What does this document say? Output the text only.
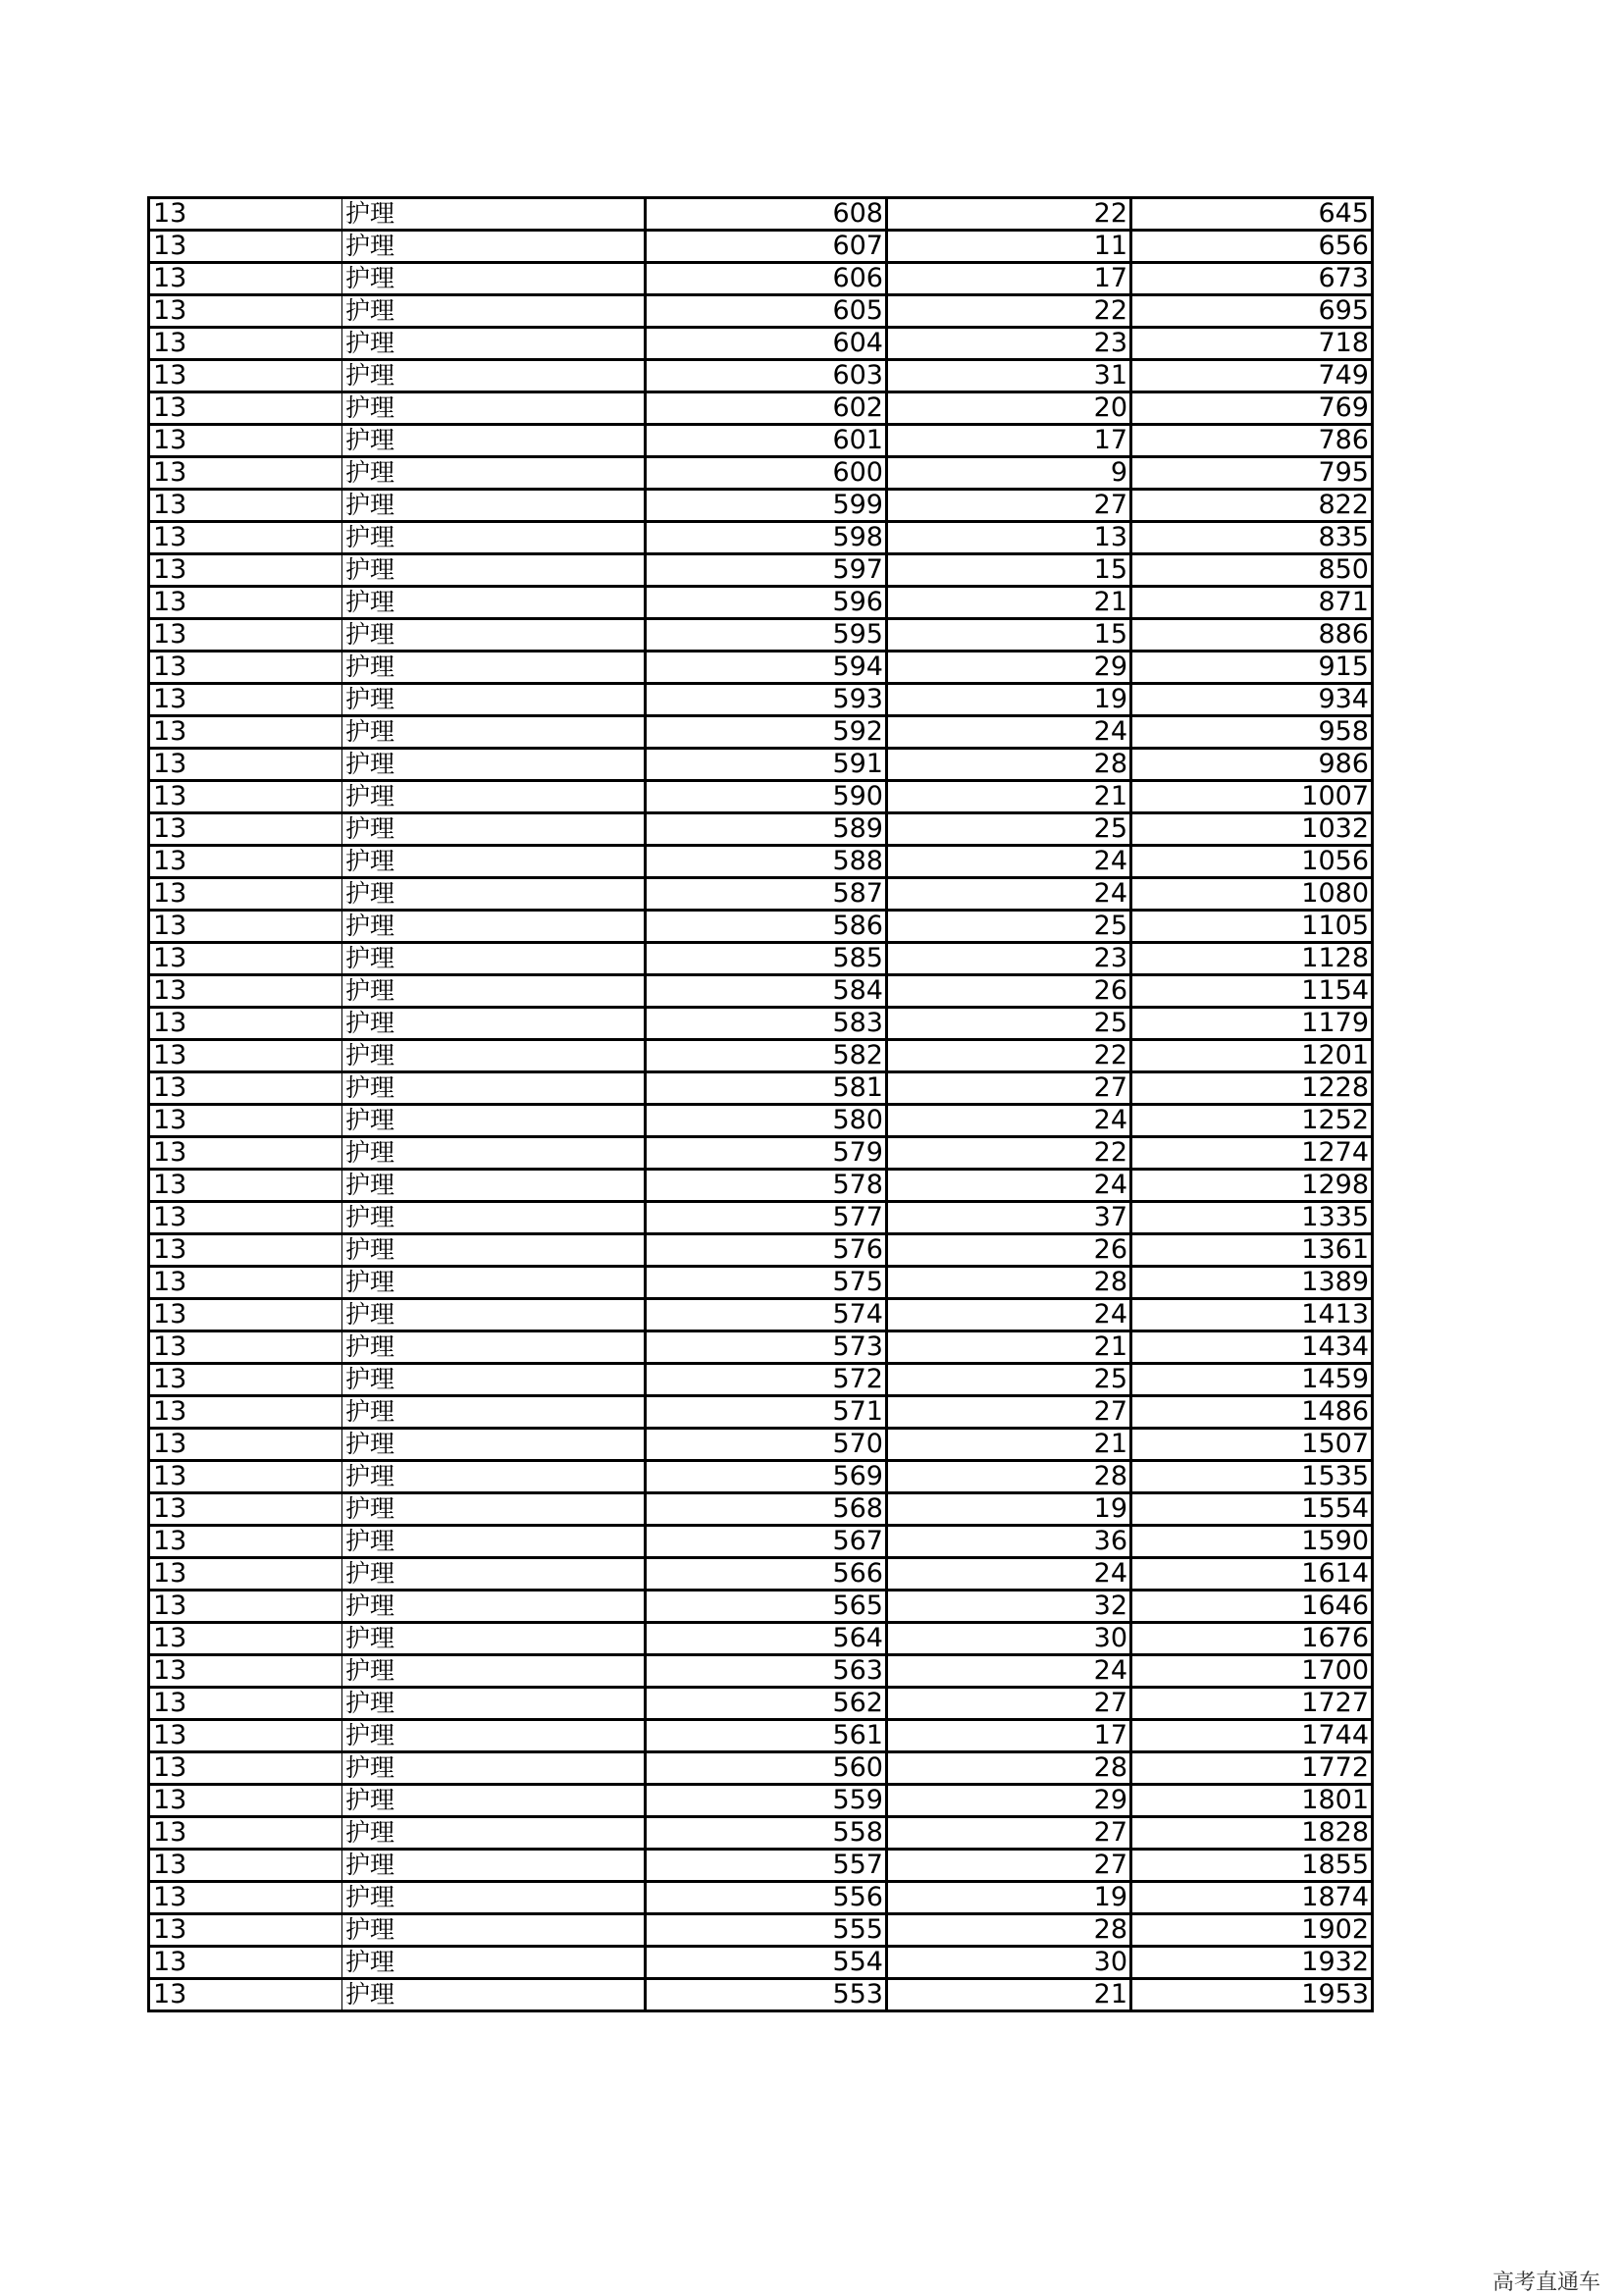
13	护理	608	22	645
13	护理	607	11	656
13	护理	606	17	673
13	护理	605	22	695
13	护理	604	23	718
13	护理	603	31	749
13	护理	602	20	769
13	护理	601	17	786
13	护理	600	9	795
13	护理	599	27	822
13	护理	598	13	835
13	护理	597	15	850
13	护理	596	21	871
13	护理	595	15	886
13	护理	594	29	915
13	护理	593	19	934
13	护理	592	24	958
13	护理	591	28	986
13	护理	590	21	1007
13	护理	589	25	1032
13	护理	588	24	1056
13	护理	587	24	1080
13	护理	586	25	1105
13	护理	585	23	1128
13	护理	584	26	1154
13	护理	583	25	1179
13	护理	582	22	1201
13	护理	581	27	1228
13	护理	580	24	1252
13	护理	579	22	1274
13	护理	578	24	1298
13	护理	577	37	1335
13	护理	576	26	1361
13	护理	575	28	1389
13	护理	574	24	1413
13	护理	573	21	1434
13	护理	572	25	1459
13	护理	571	27	1486
13	护理	570	21	1507
13	护理	569	28	1535
13	护理	568	19	1554
13	护理	567	36	1590
13	护理	566	24	1614
13	护理	565	32	1646
13	护理	564	30	1676
13	护理	563	24	1700
13	护理	562	27	1727
13	护理	561	17	1744
13	护理	560	28	1772
13	护理	559	29	1801
13	护理	558	27	1828
13	护理	557	27	1855
13	护理	556	19	1874
13	护理	555	28	1902
13	护理	554	30	1932
13	护理	553	21	1953
高考直通车
